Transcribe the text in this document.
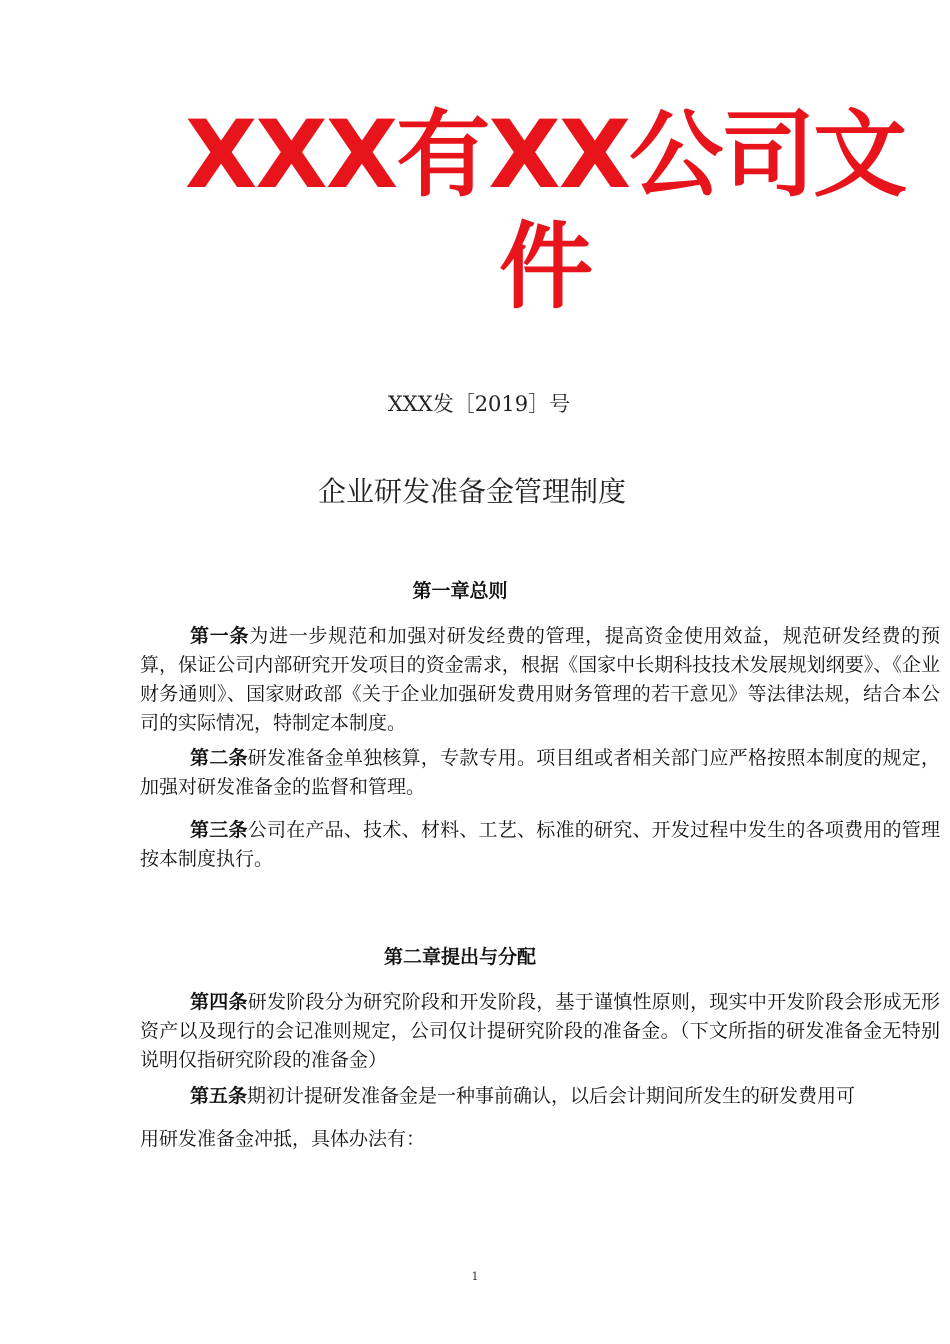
XXX有XX公司文件
XXX发［2019］号
企业研发准备金管理制度
第一章总则
第一条为进一步规范和加强对研发经费的管理，提高资金使用效益，规范研发经费的预算，保证公司内部研究开发项目的资金需求，根据《国家中长期科技技术发展规划纲要》、《企业财务通则》、国家财政部《关于企业加强研发费用财务管理的若干意见》等法律法规，结合本公司的实际情况，特制定本制度。
第二条研发准备金单独核算，专款专用。项目组或者相关部门应严格按照本制度的规定，加强对研发准备金的监督和管理。
第三条公司在产品、技术、材料、工艺、标准的研究、开发过程中发生的各项费用的管理按本制度执行。
第二章提出与分配
第四条研发阶段分为研究阶段和开发阶段，基于谨慎性原则，现实中开发阶段会形成无形资产以及现行的会记准则规定，公司仅计提研究阶段的准备金。（下文所指的研发准备金无特别说明仅指研究阶段的准备金）
第五条期初计提研发准备金是一种事前确认，以后会计期间所发生的研发费用可
用研发准备金冲抵，具体办法有：
1
